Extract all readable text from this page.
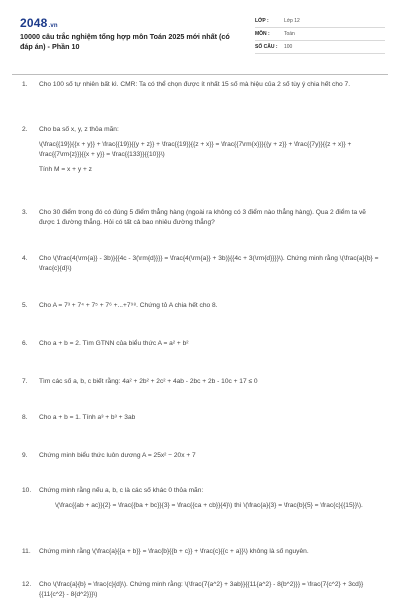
2048.vn
10000 câu trắc nghiệm tổng hợp môn Toán 2025 mới nhất (có đáp án) - Phần 10
LỚP :	Lớp 12
MÔN :	Toán
SỐ CÂU :	100
1. Cho 100 số tự nhiên bất kì. CMR: Ta có thể chọn được ít nhất 15 số mà hiệu của 2 số tùy ý chia hết cho 7.
2. Cho ba số x, y, z thỏa mãn:
\(\frac{{19}}{{x + y}} + \frac{{19}}{{y + z}} + \frac{{19}}{{z + x}} = \frac{{7\rm{x}}}{{y + z}} + \frac{{7y}}{{z + x}} + \frac{{7\rm{z}}}{{x + y}} = \frac{{133}}{{10}}\)
Tính M = x + y + z
3. Cho 30 điểm trong đó có đúng 5 điểm thẳng hàng (ngoài ra không có 3 điểm nào thẳng hàng). Qua 2 điểm ta vẽ được 1 đường thẳng. Hỏi có tất cả bao nhiêu đường thẳng?
4. Cho \(\frac{4(\rm{a}} - 3b)}{{4c - 3(\rm{d}}}} = \frac{4(\rm{a}} + 3b)}{{4c + 3(\rm{d}}}}\). Chứng minh rằng \(\frac{a}{b} = \frac{c}{d}\)
5. Cho A = 7³ + 7⁴ + 7⁵ + 7⁶ +...+7⁹⁸. Chứng tỏ A chia hết cho 8.
6. Cho a + b = 2. Tìm GTNN của biểu thức A = a² + b²
7. Tìm các số a, b, c biết rằng: 4a² + 2b² + 2c² + 4ab - 2bc + 2b - 10c + 17 ≤ 0
8. Cho a + b = 1. Tính a³ + b³ + 3ab
9. Chứng minh biểu thức luôn dương A = 25x² − 20x + 7
10. Chứng minh rằng nếu a, b, c là các số khác 0 thỏa mãn:
\(\frac{{ab + ac}}{2} = \frac{{ba + bc}}{3} = \frac{{ca + cb}}{4}\) thì \(\frac{a}{3} = \frac{b}{5} = \frac{c}{{15}}\).
11. Chứng minh rằng \(\frac{a}{{a + b}} = \frac{b}{{b + c}} + \frac{c}{{c + a}}\) không là số nguyên.
12. Cho \(\frac{a}{b} = \frac{c}{d}\). Chứng minh rằng: \(\frac{7{a^2} + 3ab}}{{11{a^2} - 8{b^2}}} = \frac{7{c^2} + 3cd}}{{11{c^2} - 8{d^2}}}\)
